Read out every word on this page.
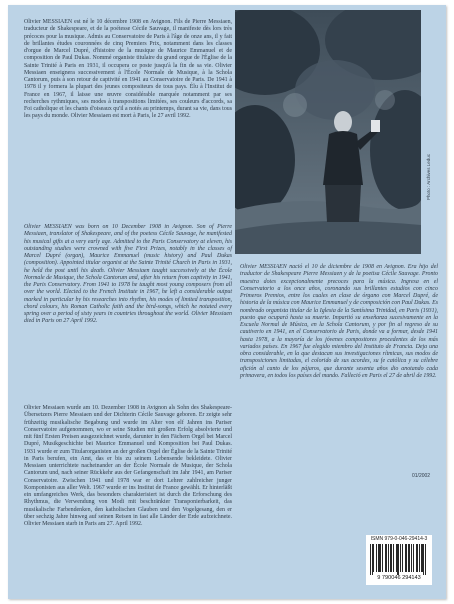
Olivier MESSIAEN est né le 10 décembre 1908 en Avignon. Fils de Pierre Messiaen, traducteur de Shakespeare, et de la poétesse Cécile Sauvage, il manifeste dès lors très précoces pour la musique. Admis au Conservatoire de Paris à l'âge de onze ans, il y fait de brillantes études couronnées de cinq Premiers Prix, notamment dans les classes d'orgue de Marcel Dupré, d'histoire de la musique de Maurice Emmanuel et de composition de Paul Dukas. Nommé organiste titulaire du grand orgue de l'Église de la Sainte Trinité à Paris en 1931, il occupera ce poste jusqu'à la fin de sa vie. Olivier Messiaen enseignera successivement à l'École Normale de Musique, à la Schola Cantorum, puis à son retour de captivité en 1941 au Conservatoire de Paris. De 1941 à 1978 il y formera la plupart des jeunes compositeurs de tous pays. Élu à l'Institut de France en 1967, il laisse une œuvre considérable marquée notamment par ses recherches rythmiques, ses modes à transpositions limitées, ses couleurs d'accords, sa Foi catholique et les chants d'oiseaux qu'il a notés au printemps, durant sa vie, dans tous les pays du monde. Olivier Messiaen est mort à Paris, le 27 avril 1992.

Olivier MESSIAEN was born on 10 December 1908 in Avignon. Son of Pierre Messiaen, translator of Shakespeare, and of the poetess Cécile Sauvage, he manifested his musical gifts at a very early age. Admitted to the Paris Conservatory at eleven, his outstanding studies were crowned with five First Prizes, notably in the classes of Marcel Dupré (organ), Maurice Emmanuel (music history) and Paul Dukas (composition). Appointed titular organist at the Sainte Trinité Church in Paris in 1931, he held the post until his death. Olivier Messiaen taught successively at the École Normale de Musique, the Schola Cantorum and, after his return from captivity in 1941, the Paris Conservatory. From 1941 to 1978 he taught most young composers from all over the world. Elected to the French Institute in 1967, he left a considerable output marked in particular by his researches into rhythm, his modes of limited transposition, chord colours, his Roman Catholic faith and the bird-songs, which he notated every spring over a period of sixty years in countries throughout the world. Olivier Messiaen died in Paris on 27 April 1992.

Olivier Messiaen wurde am 10. Dezember 1908 in Avignon als Sohn des Shakespeare-Übersetzers Pierre Messiaen und der Dichterin Cécile Sauvage geboren. Er zeigte sehr frühzeitig musikalische Begabung und wurde im Alter von elf Jahren ins Pariser Conservatoire aufgenommen, wo er seine Studien mit großem Erfolg absolvierte und mit fünf Ersten Preisen ausgezeichnet wurde, darunter in den Fächern Orgel bei Marcel Dupré, Musikgeschichte bei Maurice Emmanuel und Komposition bei Paul Dukas. 1931 wurde er zum Titularorganisten an der großen Orgel der Église de la Sainte Trinité in Paris berufen, ein Amt, das er bis zu seinem Lebensende bekleidete. Olivier Messiaen unterrichtete nacheinander an der École Normale de Musique, der Schola Cantorum und, nach seiner Rückkehr aus der Gefangenschaft im Jahr 1941, am Pariser Conservatoire. Zwischen 1941 und 1978 war er dort Lehrer zahlreicher junger Komponisten aus aller Welt. 1967 wurde er ins Institut de France gewählt. Er hinterläßt ein umfangreiches Werk, das besonders charakterisiert ist durch die Erforschung des Rhythmus, die Verwendung von Modi mit beschränkter Transponierbarkeit, das musikalische Farbendenken, den katholischen Glauben und den Vogelgesang, den er über sechzig Jahre hinweg auf seinen Reisen in fast alle Länder der Erde aufzeichnete. Olivier Messiaen starb in Paris am 27. April 1992.

Photo : Archives Leduc

Olivier MESSIAEN nació el 10 de diciembre de 1908 en Avignon. Era hijo del traductor de Shakespeare Pierre Messiaen y de la poetisa Cécile Sauvage. Pronto muestra dotes excepcionalmente precoces para la música. Ingresa en el Conservatorio a los once años, coronando sus brillantes estudios con cinco Primeros Premios, entre los cuales en clase de órgano con Marcel Dupré, de historia de la música con Maurice Emmanuel y de composición con Paul Dukas. Es nombrado organista titular de la Iglesia de la Santísima Trinidad, en Paris (1931), puesto que ocupará hasta su muerte. Impartió su enseñanza sucesivamente en la Escuela Normal de Música, en la Schola Cantorum, y por fin al regreso de su cautiverio en 1941, en el Conservatorio de Paris, donde va a formar, desde 1941 hasta 1978, a la mayoría de los jóvenes compositores procedentes de los más variados países. En 1967 fue elegido miembro del Instituto de Francia. Deja una obra considerable, en la que destacan sus investigaciones rítmicas, sus modos de transposiciones limitadas, el colorido de sus acordes, su fe católica y su célebre afición al canto de los pájaros, que durante sesenta años dio anotando cada primavera, en todos los países del mundo. Falleció en Paris el 27 de abril de 1992.

01/2002
ISMN 979-0-046-29414-3
9 790046 294143
